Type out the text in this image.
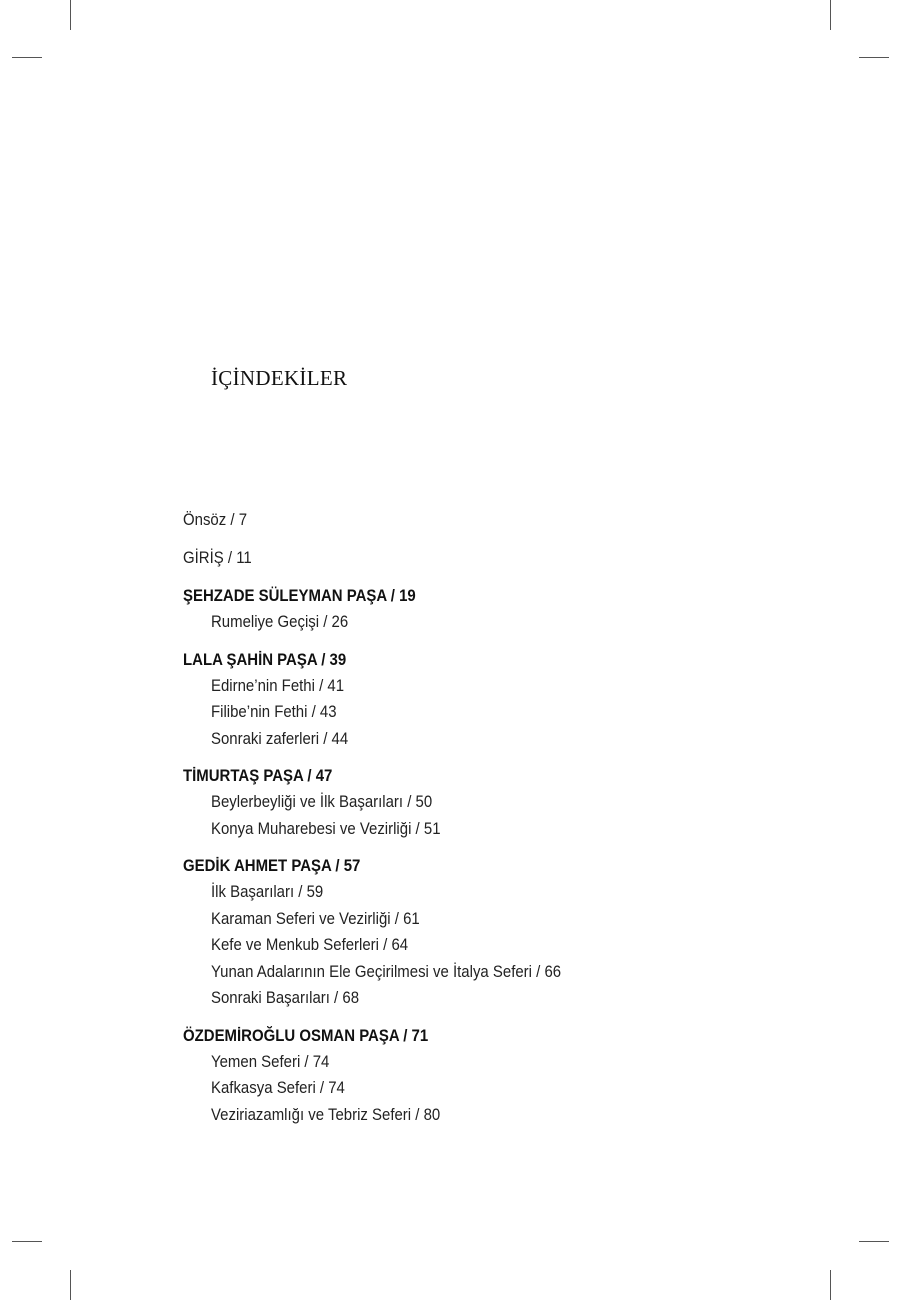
İÇİNDEKİLER
Önsöz / 7
GİRİŞ / 11
ŞEHZADE SÜLEYMAN PAŞA / 19
Rumeliye Geçişi / 26
LALA ŞAHİN PAŞA / 39
Edirne’nin Fethi / 41
Filibe’nin Fethi / 43
Sonraki zaferleri / 44
TİMURTAŞ PAŞA / 47
Beylerbeyliği ve İlk Başarıları / 50
Konya Muharebesi ve Vezirliği / 51
GEDİK AHMET PAŞA / 57
İlk Başarıları / 59
Karaman Seferi ve Vezirliği / 61
Kefe ve Menkub Seferleri / 64
Yunan Adalarının Ele Geçirilmesi ve İtalya Seferi / 66
Sonraki Başarıları / 68
ÖZDEMİROĞLU OSMAN PAŞA / 71
Yemen Seferi / 74
Kafkasya Seferi / 74
Veziriazamlığı ve Tebriz Seferi / 80
